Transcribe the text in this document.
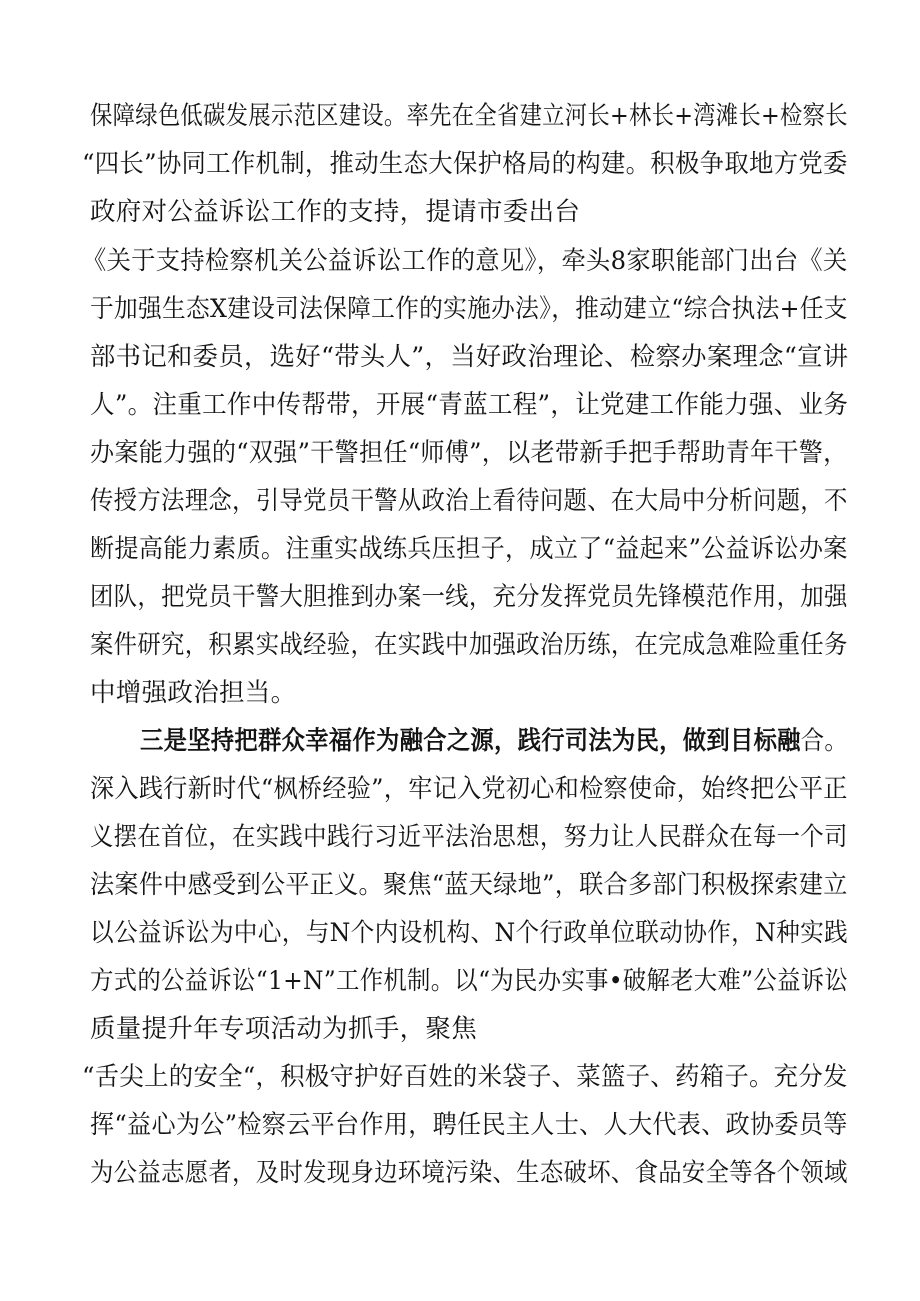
保障绿色低碳发展示范区建设。率先在全省建立河长+林长+湾滩长+检察长

“四长”协同工作机制，推动生态大保护格局的构建。积极争取地方党委

政府对公益诉讼工作的支持，提请市委出台

《关于支持检察机关公益诉讼工作的意见》，牵头8家职能部门出台《关

于加强生态X建设司法保障工作的实施办法》，推动建立“综合执法+任支

部书记和委员，选好“带头人”，当好政治理论、检察办案理念“宣讲

人”。注重工作中传帮带，开展“青蓝工程”，让党建工作能力强、业务

办案能力强的“双强”干警担任“师傅”，以老带新手把手帮助青年干警，

传授方法理念，引导党员干警从政治上看待问题、在大局中分析问题，不

断提高能力素质。注重实战练兵压担子，成立了“益起来”公益诉讼办案

团队，把党员干警大胆推到办案一线，充分发挥党员先锋模范作用，加强

案件研究，积累实战经验，在实践中加强政治历练，在完成急难险重任务

中增强政治担当。

三是坚持把群众幸福作为融合之源，践行司法为民，做到目标融合。

深入践行新时代“枫桥经验”，牢记入党初心和检察使命，始终把公平正

义摆在首位，在实践中践行习近平法治思想，努力让人民群众在每一个司

法案件中感受到公平正义。聚焦“蓝天绿地”，联合多部门积极探索建立

以公益诉讼为中心，与N个内设机构、N个行政单位联动协作，N种实践

方式的公益诉讼“1+N”工作机制。以“为民办实事•破解老大难”公益诉讼

质量提升年专项活动为抓手，聚焦

“舌尖上的安全“，积极守护好百姓的米袋子、菜篮子、药箱子。充分发

挥“益心为公”检察云平台作用，聘任民主人士、人大代表、政协委员等

为公益志愿者，及时发现身边环境污染、生态破坏、食品安全等各个领域
